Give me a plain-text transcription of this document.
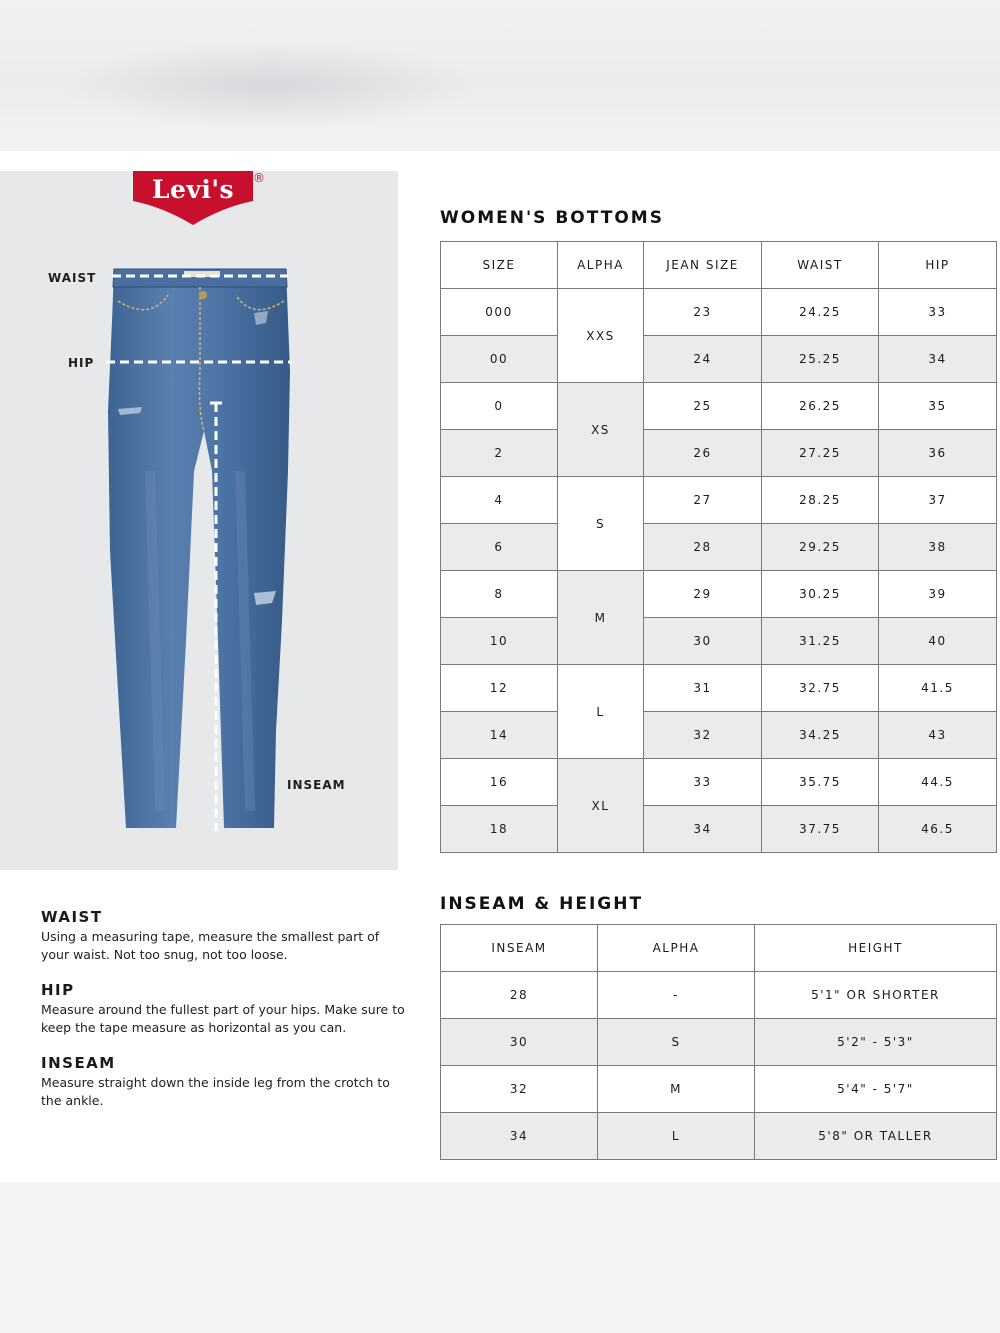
Levi's	®
WAIST
HIP
INSEAM
WOMEN'S BOTTOMS
SIZE	ALPHA	JEAN SIZE	WAIST	HIP
000	XXS	23	24.25	33
00		24	25.25	34
0	XS	25	26.25	35
2		26	27.25	36
4	S	27	28.25	37
6		28	29.25	38
8	M	29	30.25	39
10		30	31.25	40
12	L	31	32.75	41.5
14		32	34.25	43
16	XL	33	35.75	44.5
18		34	37.75	46.5
INSEAM & HEIGHT
INSEAM	ALPHA	HEIGHT
28	-	5'1" OR SHORTER
30	S	5'2" - 5'3"
32	M	5'4" - 5'7"
34	L	5'8" OR TALLER

WAIST

Using a measuring tape, measure the smallest part of your waist. Not too snug, not too loose.

HIP

Measure around the fullest part of your hips. Make sure to keep the tape measure as horizontal as you can.

INSEAM

Measure straight down the inside leg from the crotch to the ankle.
